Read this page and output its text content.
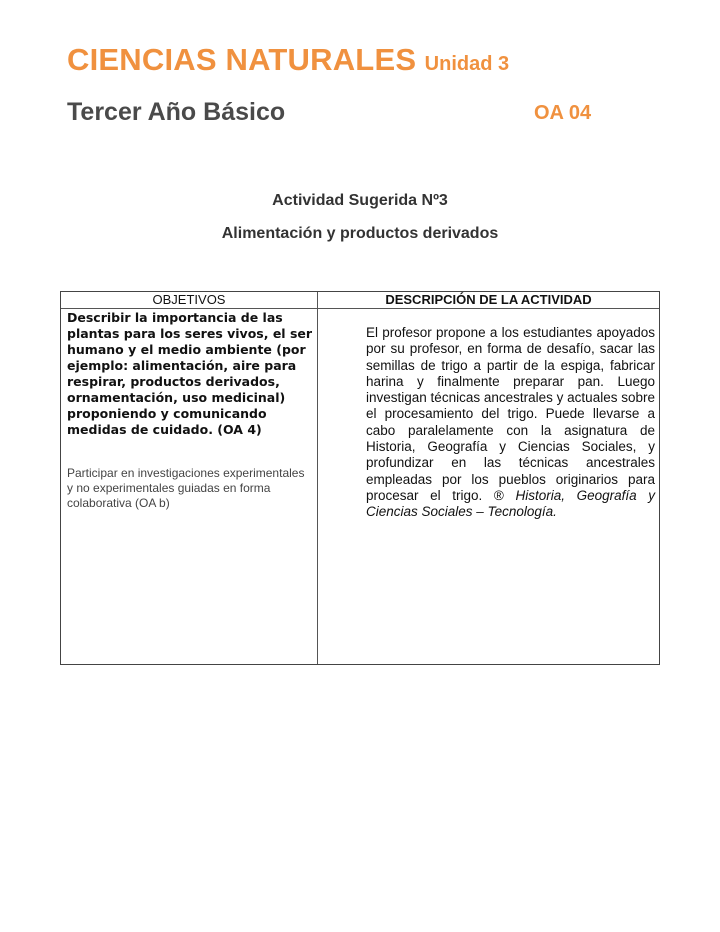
CIENCIAS NATURALES Unidad 3
Tercer Año Básico	OA 04
Actividad Sugerida Nº3
Alimentación y productos derivados
OBJETIVOS	DESCRIPCIÓN DE LA ACTIVIDAD
Describir la importancia de las plantas para los seres vivos, el ser humano y el medio ambiente (por ejemplo: alimentación, aire para respirar, productos derivados, ornamentación, uso medicinal) proponiendo y comunicando medidas de cuidado. (OA 4)
Participar en investigaciones experimentales y no experimentales guiadas en forma colaborativa (OA b)
El profesor propone a los estudiantes apoyados por su profesor, en forma de desafío, sacar las semillas de trigo a partir de la espiga, fabricar harina y finalmente preparar pan. Luego investigan técnicas ancestrales y actuales sobre el procesamiento del trigo. Puede llevarse a cabo paralelamente con la asignatura de Historia, Geografía y Ciencias Sociales, y profundizar en las técnicas ancestrales empleadas por los pueblos originarios para procesar el trigo. ® Historia, Geografía y Ciencias Sociales – Tecnología.
